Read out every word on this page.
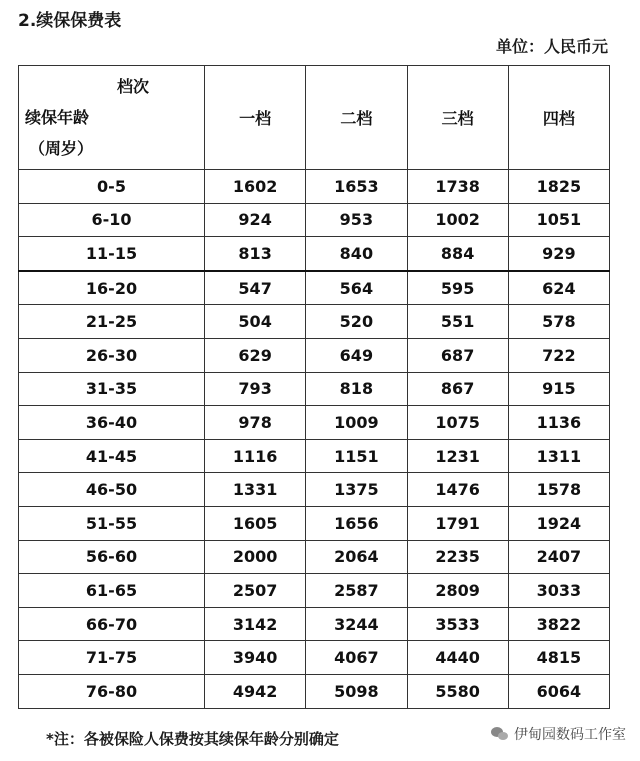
2.续保保费表
单位：人民币元
档次
续保年龄
（周岁）	一档	二档	三档	四档
0-5	1602	1653	1738	1825
6-10	924	953	1002	1051
11-15	813	840	884	929
16-20	547	564	595	624
21-25	504	520	551	578
26-30	629	649	687	722
31-35	793	818	867	915
36-40	978	1009	1075	1136
41-45	1116	1151	1231	1311
46-50	1331	1375	1476	1578
51-55	1605	1656	1791	1924
56-60	2000	2064	2235	2407
61-65	2507	2587	2809	3033
66-70	3142	3244	3533	3822
71-75	3940	4067	4440	4815
76-80	4942	5098	5580	6064
*注：各被保险人保费按其续保年龄分别确定	伊甸园数码工作室
